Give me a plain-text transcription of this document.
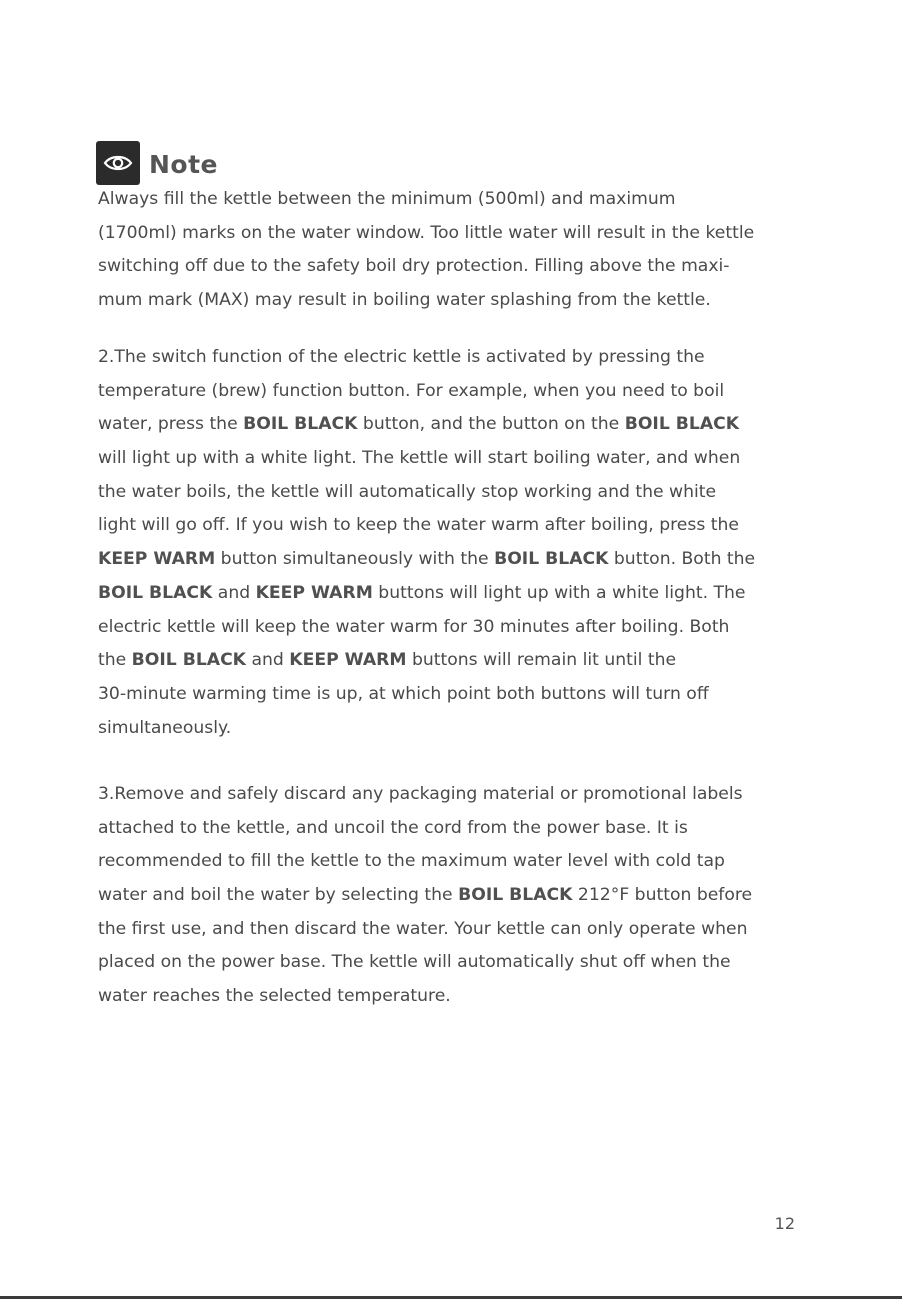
Note

Always fill the kettle between the minimum (500ml) and maximum
(1700ml) marks on the water window. Too little water will result in the kettle
switching off due to the safety boil dry protection. Filling above the maxi-
mum mark (MAX) may result in boiling water splashing from the kettle.

2.The switch function of the electric kettle is activated by pressing the
temperature (brew) function button. For example, when you need to boil
water, press the BOIL BLACK button, and the button on the BOIL BLACK
will light up with a white light. The kettle will start boiling water, and when
the water boils, the kettle will automatically stop working and the white
light will go off. If you wish to keep the water warm after boiling, press the
KEEP WARM button simultaneously with the BOIL BLACK button. Both the
BOIL BLACK and KEEP WARM buttons will light up with a white light. The
electric kettle will keep the water warm for 30 minutes after boiling. Both
the BOIL BLACK and KEEP WARM buttons will remain lit until the
30-minute warming time is up, at which point both buttons will turn off
simultaneously.

3.Remove and safely discard any packaging material or promotional labels
attached to the kettle, and uncoil the cord from the power base. It is
recommended to fill the kettle to the maximum water level with cold tap
water and boil the water by selecting the BOIL BLACK 212°F button before
the first use, and then discard the water. Your kettle can only operate when
placed on the power base. The kettle will automatically shut off when the
water reaches the selected temperature.

12
